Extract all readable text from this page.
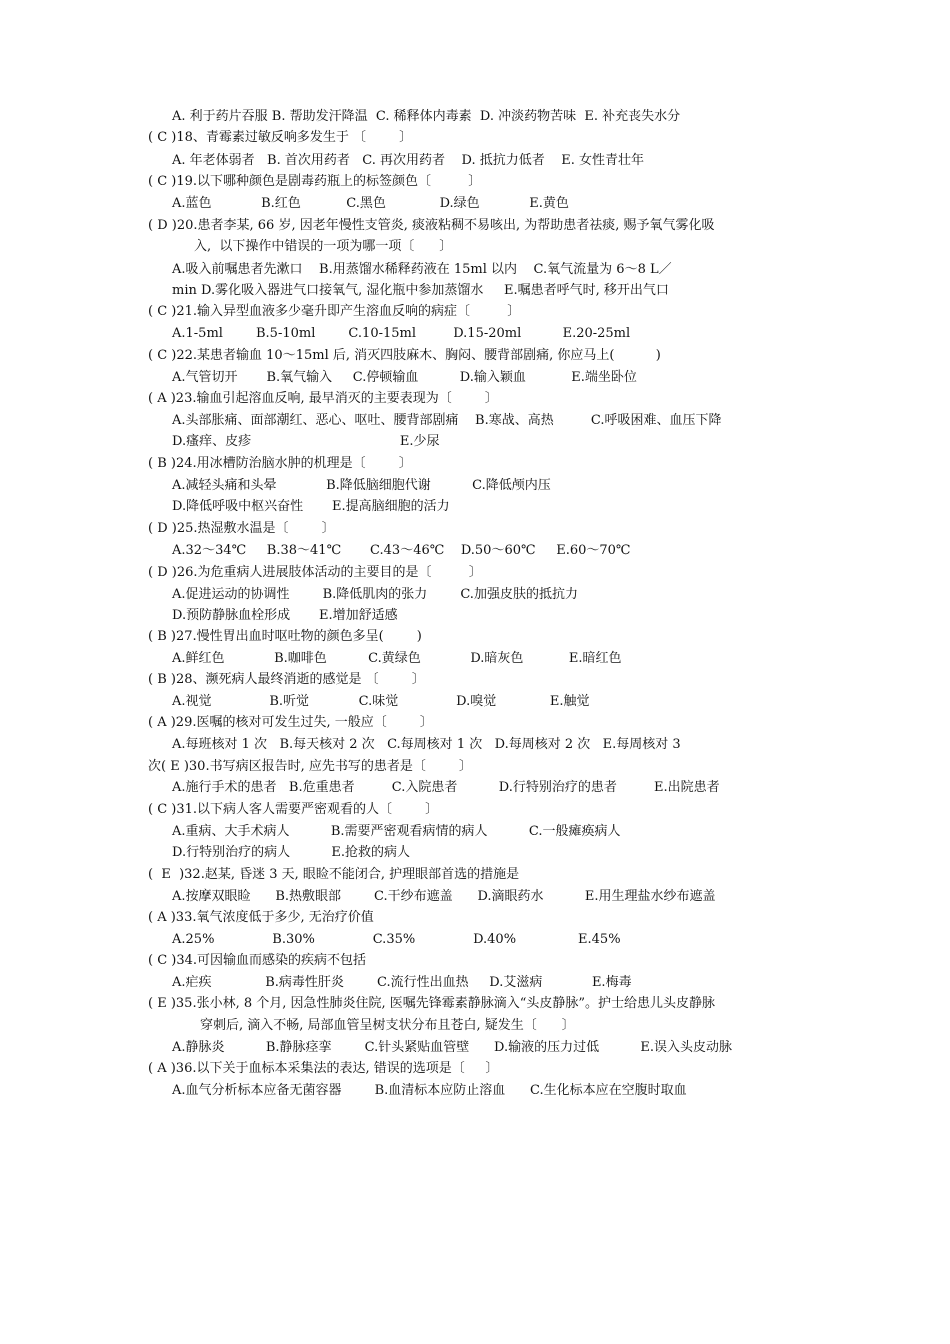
A. 利于药片吞服 B. 帮助发汗降温  C. 稀释体内毒素  D. 冲淡药物苦味  E. 补充丧失水分
( C )18、青霉素过敏反响多发生于 〔        〕
A. 年老体弱者   B. 首次用药者   C. 再次用药者    D. 抵抗力低者    E. 女性青壮年
( C )19.以下哪种颜色是剧毒药瓶上的标签颜色〔         〕
A.蓝色            B.红色           C.黑色             D.绿色            E.黄色
( D )20.患者李某, 66 岁, 因老年慢性支管炎, 痰液粘稠不易咳出, 为帮助患者祛痰, 赐予氧气雾化吸
入,  以下操作中错误的一项为哪一项〔      〕
A.吸入前嘱患者先漱口    B.用蒸馏水稀释药液在 15ml 以内    C.氧气流量为 6～8 L／
min D.雾化吸入器进气口接氧气, 湿化瓶中参加蒸馏水     E.嘱患者呼气时, 移开出气口
( C )21.输入异型血液多少毫升即产生溶血反响的病症〔         〕
A.1-5ml        B.5-10ml        C.10-15ml         D.15-20ml          E.20-25ml
( C )22.某患者输血 10～15ml 后, 消灭四肢麻木、胸闷、腰背部剧痛, 你应马上(          )
A.气管切开       B.氧气输入     C.停顿输血          D.输入颖血           E.端坐卧位
( A )23.输血引起溶血反响, 最早消灭的主要表现为〔        〕
A.头部胀痛、面部潮红、恶心、呕吐、腰背部剧痛    B.寒战、高热         C.呼吸困难、血压下降
D.瘙痒、皮疹                                    E.少尿
( B )24.用冰槽防治脑水肿的机理是〔        〕
A.减轻头痛和头晕            B.降低脑细胞代谢          C.降低颅内压
D.降低呼吸中枢兴奋性       E.提高脑细胞的活力
( D )25.热湿敷水温是〔        〕
A.32～34℃     B.38～41℃       C.43～46℃    D.50～60℃     E.60～70℃
( D )26.为危重病人进展肢体活动的主要目的是〔         〕
A.促进运动的协调性        B.降低肌肉的张力        C.加强皮肤的抵抗力
D.预防静脉血栓形成       E.增加舒适感
( B )27.慢性胃出血时呕吐物的颜色多呈(        )
A.鲜红色            B.咖啡色          C.黄绿色            D.暗灰色           E.暗红色
( B )28、濒死病人最终消逝的感觉是 〔        〕
A.视觉              B.听觉            C.味觉              D.嗅觉             E.触觉
( A )29.医嘱的核对可发生过失, 一般应〔        〕
A.每班核对 1 次   B.每天核对 2 次   C.每周核对 1 次   D.每周核对 2 次   E.每周核对 3
次( E )30.书写病区报告时, 应先书写的患者是〔        〕
A.施行手术的患者   B.危重患者         C.入院患者          D.行特别治疗的患者         E.出院患者
( C )31.以下病人客人需要严密观看的人〔        〕
A.重病、大手术病人          B.需要严密观看病情的病人          C.一般瘫痪病人
D.行特别治疗的病人          E.抢救的病人
(  E  )32.赵某, 昏迷 3 天, 眼睑不能闭合, 护理眼部首选的措施是
A.按摩双眼睑      B.热敷眼部        C.干纱布遮盖      D.滴眼药水          E.用生理盐水纱布遮盖
( A )33.氧气浓度低于多少, 无治疗价值
A.25%              B.30%              C.35%              D.40%               E.45%
( C )34.可因输血而感染的疾病不包括
A.疟疾             B.病毒性肝炎        C.流行性出血热     D.艾滋病            E.梅毒
( E )35.张小林, 8 个月, 因急性肺炎住院, 医嘱先锋霉素静脉滴入“头皮静脉”。护士给患儿头皮静脉
穿刺后, 滴入不畅, 局部血管呈树支状分布且苍白, 疑发生〔      〕
A.静脉炎          B.静脉痉挛        C.针头紧贴血管壁      D.输液的压力过低          E.误入头皮动脉
( A )36.以下关于血标本采集法的表达, 错误的选项是〔     〕
A.血气分析标本应备无菌容器        B.血清标本应防止溶血      C.生化标本应在空腹时取血
